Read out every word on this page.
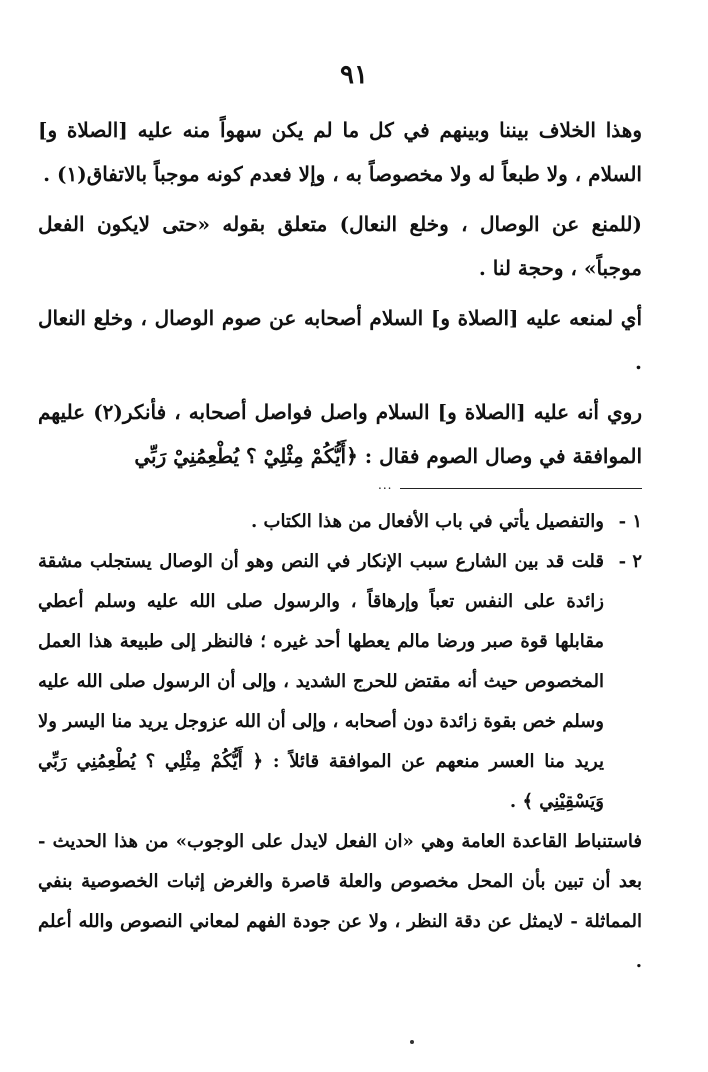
٩١

وهذا الخلاف بيننا وبينهم في كل ما لم يكن سهواً منه عليه [الصلاة و] السلام ، ولا طبعاً له ولا مخصوصاً به ، وإلا فعدم كونه موجباً بالاتفاق(١) .

(للمنع عن الوصال ، وخلع النعال) متعلق بقوله «حتى لايكون الفعل موجباً» ، وحجة لنا .

أي لمنعه عليه [الصلاة و] السلام أصحابه عن صوم الوصال ، وخلع النعال .

روي أنه عليه [الصلاة و] السلام واصل فواصل أصحابه ، فأنكر(٢) عليهم الموافقة في وصال الصوم فقال : ﴿أَيُّكُمْ مِثْلِيْ ؟ يُطْعِمُنِيْ رَبِّي

...
١ -
والتفصيل يأتي في باب الأفعال من هذا الكتاب .
٢ -
قلت قد بين الشارع سبب الإنكار في النص وهو أن الوصال يستجلب مشقة زائدة على النفس تعباً وإرهاقاً ، والرسول صلى الله عليه وسلم أعطي مقابلها قوة صبر ورضا مالم يعطها أحد غيره ؛ فالنظر إلى طبيعة هذا العمل المخصوص حيث أنه مقتض للحرج الشديد ، وإلى أن الرسول صلى الله عليه وسلم خص بقوة زائدة دون أصحابه ، وإلى أن الله عزوجل يريد منا اليسر ولا يريد منا العسر منعهم عن الموافقة قائلاً : ﴿ أَيُّكُمْ مِثْلِي ؟ يُطْعِمُنِي رَبِّي وَيَسْقِيْنِي ﴾ .

فاستنباط القاعدة العامة وهي «ان الفعل لايدل على الوجوب» من هذا الحديث - بعد أن تبين بأن المحل مخصوص والعلة قاصرة والغرض إثبات الخصوصية بنفي المماثلة - لايمثل عن دقة النظر ، ولا عن جودة الفهم لمعاني النصوص والله أعلم .
